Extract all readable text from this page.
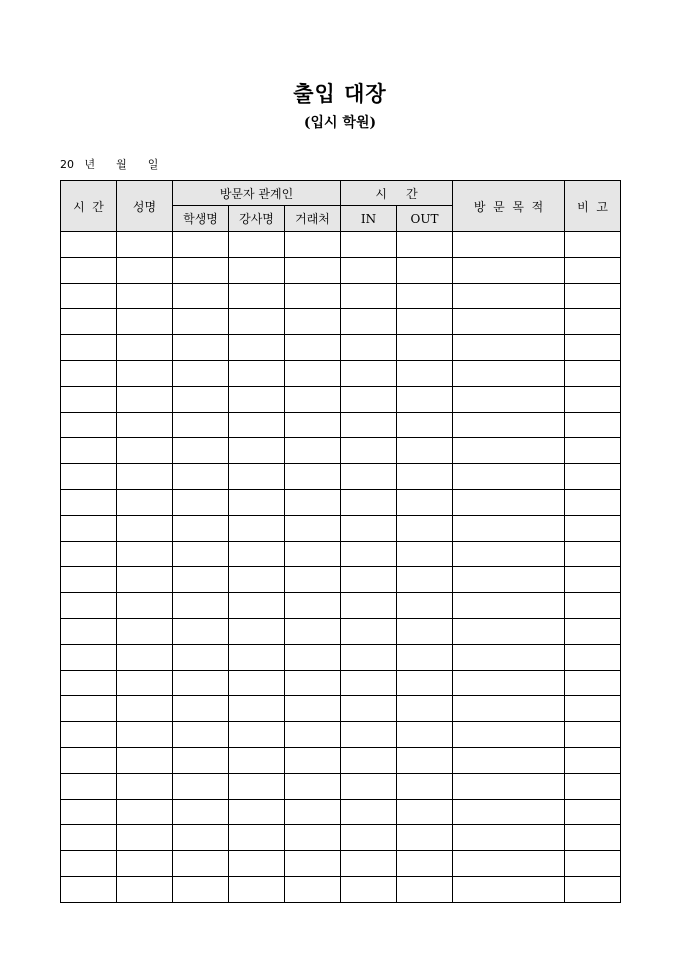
출입 대장
(입시 학원)
20   년      월      일
시  간	성명	방문자 관계인			시     간		방  문  목  적	비  고
		학생명	강사명	거래처	IN	OUT		
